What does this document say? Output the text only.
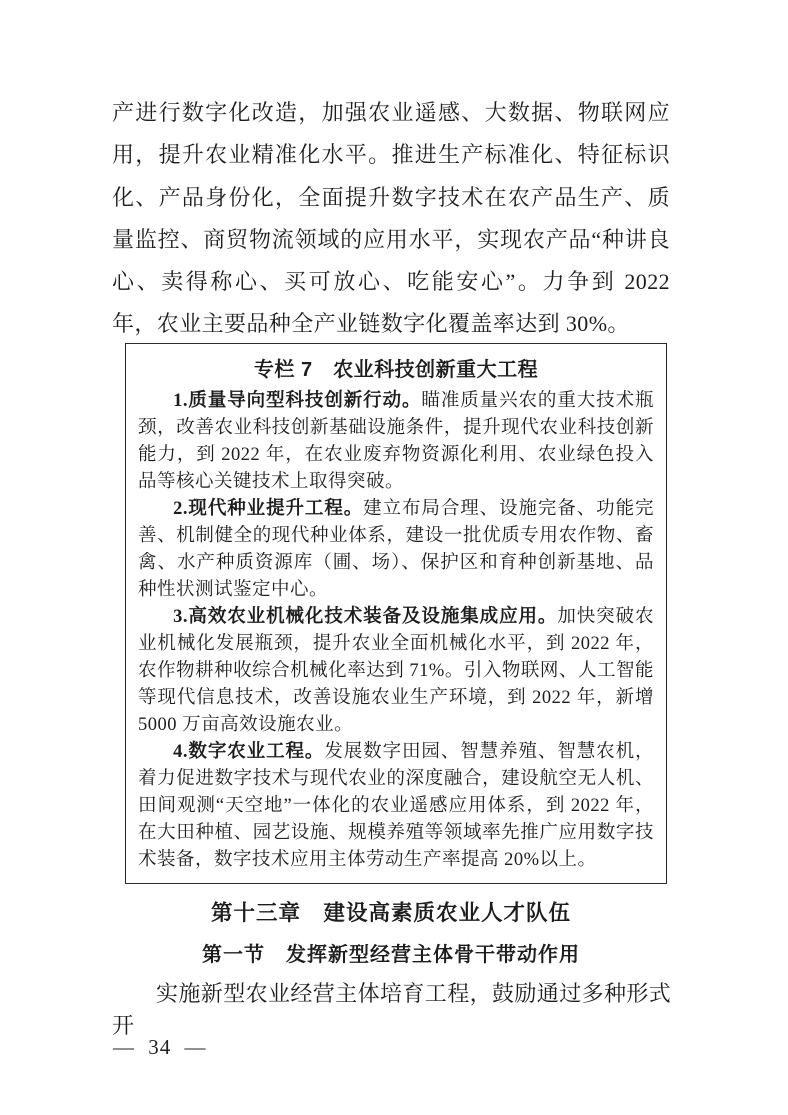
产进行数字化改造，加强农业遥感、大数据、物联网应用，提升农业精准化水平。推进生产标准化、特征标识化、产品身份化，全面提升数字技术在农产品生产、质量监控、商贸物流领域的应用水平，实现农产品“种讲良心、卖得称心、买可放心、吃能安心”。力争到 2022 年，农业主要品种全产业链数字化覆盖率达到 30%。

专栏 7　农业科技创新重大工程

1.质量导向型科技创新行动。瞄准质量兴农的重大技术瓶颈，改善农业科技创新基础设施条件，提升现代农业科技创新能力，到 2022 年，在农业废弃物资源化利用、农业绿色投入品等核心关键技术上取得突破。

2.现代种业提升工程。建立布局合理、设施完备、功能完善、机制健全的现代种业体系，建设一批优质专用农作物、畜禽、水产种质资源库（圃、场）、保护区和育种创新基地、品种性状测试鉴定中心。

3.高效农业机械化技术装备及设施集成应用。加快突破农业机械化发展瓶颈，提升农业全面机械化水平，到 2022 年，农作物耕种收综合机械化率达到 71%。引入物联网、人工智能等现代信息技术，改善设施农业生产环境，到 2022 年，新增 5000 万亩高效设施农业。

4.数字农业工程。发展数字田园、智慧养殖、智慧农机，着力促进数字技术与现代农业的深度融合，建设航空无人机、田间观测“天空地”一体化的农业遥感应用体系，到 2022 年，在大田种植、园艺设施、规模养殖等领域率先推广应用数字技术装备，数字技术应用主体劳动生产率提高 20%以上。

第十三章　建设高素质农业人才队伍
第一节　发挥新型经营主体骨干带动作用

实施新型农业经营主体培育工程，鼓励通过多种形式开

— 34 —
